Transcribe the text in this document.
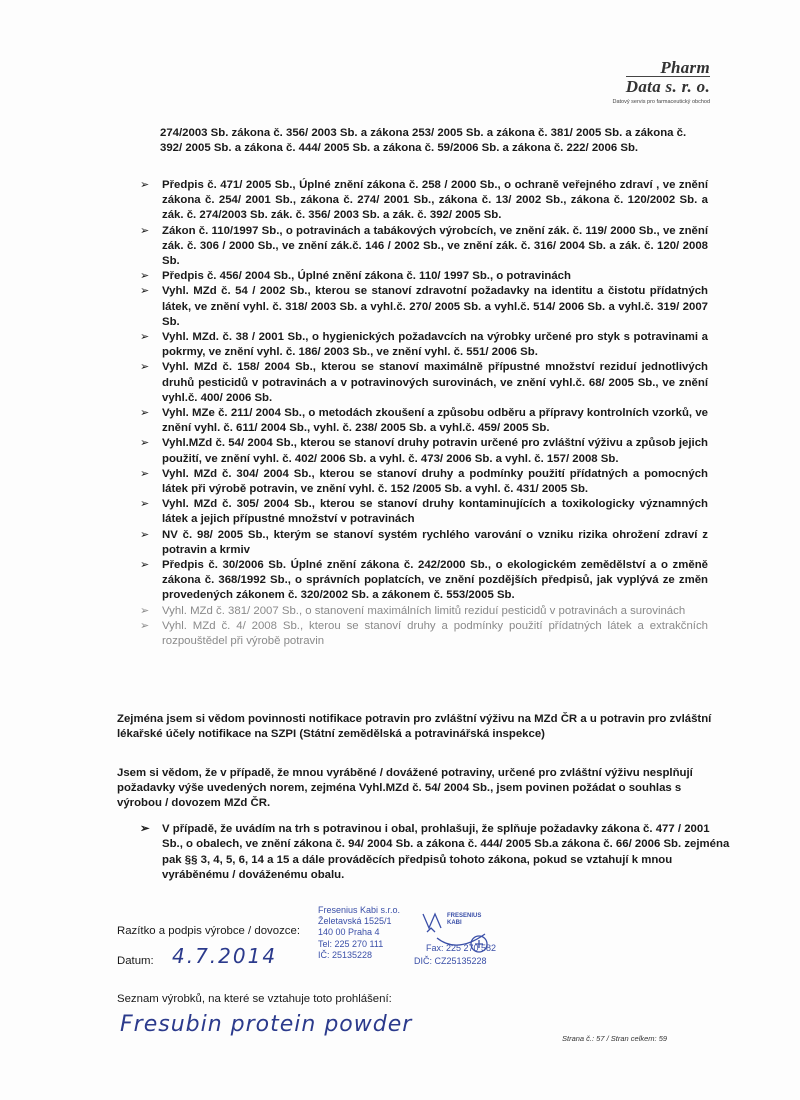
Pharm
Data s. r. o.
Datový servis pro farmaceutický obchod
274/2003 Sb. zákona č. 356/ 2003 Sb. a zákona 253/ 2005 Sb. a zákona č. 381/ 2005 Sb. a zákona č. 392/ 2005 Sb. a zákona č. 444/ 2005 Sb. a zákona č. 59/2006 Sb. a zákona č. 222/ 2006 Sb.
➢ Předpis č. 471/ 2005 Sb., Úplné znění zákona č. 258 / 2000 Sb., o ochraně veřejného zdraví , ve znění zákona č. 254/ 2001 Sb., zákona č. 274/ 2001 Sb., zákona č. 13/ 2002 Sb., zákona č. 120/2002 Sb. a zák. č. 274/2003 Sb. zák. č. 356/ 2003 Sb. a zák. č. 392/ 2005 Sb.
➢ Zákon č. 110/1997 Sb., o potravinách a tabákových výrobcích, ve znění zák. č. 119/ 2000 Sb., ve znění zák. č. 306 / 2000 Sb., ve znění zák.č. 146 / 2002 Sb., ve znění zák. č. 316/ 2004 Sb. a zák. č. 120/ 2008 Sb.
➢ Předpis č. 456/ 2004 Sb., Úplné znění zákona č. 110/ 1997 Sb., o potravinách
➢ Vyhl. MZd č. 54 / 2002 Sb., kterou se stanoví zdravotní požadavky na identitu a čistotu přídatných látek, ve znění vyhl. č. 318/ 2003 Sb. a vyhl.č. 270/ 2005 Sb. a vyhl.č. 514/ 2006 Sb. a vyhl.č. 319/ 2007 Sb.
➢ Vyhl. MZd. č. 38 / 2001 Sb., o hygienických požadavcích na výrobky určené pro styk s potravinami a pokrmy, ve znění vyhl. č. 186/ 2003 Sb., ve znění vyhl. č. 551/ 2006 Sb.
➢ Vyhl. MZd č. 158/ 2004 Sb., kterou se stanoví maximálně přípustné množství reziduí jednotlivých druhů pesticidů v potravinách a v potravinových surovinách, ve znění vyhl.č. 68/ 2005 Sb., ve znění vyhl.č. 400/ 2006 Sb.
➢ Vyhl. MZe č. 211/ 2004 Sb., o metodách zkoušení a způsobu odběru a přípravy kontrolních vzorků, ve znění vyhl. č. 611/ 2004 Sb., vyhl. č. 238/ 2005 Sb. a vyhl.č. 459/ 2005 Sb.
➢ Vyhl.MZd č. 54/ 2004 Sb., kterou se stanoví druhy potravin určené pro zvláštní výživu a způsob jejich použití, ve znění vyhl. č. 402/ 2006 Sb. a vyhl. č. 473/ 2006 Sb. a vyhl. č. 157/ 2008 Sb.
➢ Vyhl. MZd č. 304/ 2004 Sb., kterou se stanoví druhy a podmínky použití přídatných a pomocných látek při výrobě potravin, ve znění vyhl. č. 152 /2005 Sb. a vyhl. č. 431/ 2005 Sb.
➢ Vyhl. MZd č. 305/ 2004 Sb., kterou se stanoví druhy kontaminujících a toxikologicky významných látek a jejich přípustné množství v potravinách
➢ NV č. 98/ 2005 Sb., kterým se stanoví systém rychlého varování o vzniku rizika ohrožení zdraví z potravin a krmiv
➢ Předpis č. 30/2006 Sb. Úplné znění zákona č. 242/2000 Sb., o ekologickém zemědělství a o změně zákona č. 368/1992 Sb., o správních poplatcích, ve znění pozdějších předpisů, jak vyplývá ze změn provedených zákonem č. 320/2002 Sb. a zákonem č. 553/2005 Sb.
➢ Vyhl. MZd č. 381/ 2007 Sb., o stanovení maximálních limitů reziduí pesticidů v potravinách a surovinách
➢ Vyhl. MZd č. 4/ 2008 Sb., kterou se stanoví druhy a podmínky použití přídatných látek a extrakčních rozpouštědel při výrobě potravin
Zejména jsem si vědom povinnosti notifikace potravin pro zvláštní výživu na MZd ČR a u potravin pro zvláštní lékařské účely notifikace na SZPI (Státní zemědělská a potravinářská inspekce)
Jsem si vědom, že v případě, že mnou vyráběné / dovážené potraviny, určené pro zvláštní výživu nesplňují požadavky výše uvedených norem, zejména Vyhl.MZd č. 54/ 2004 Sb., jsem povinen požádat o souhlas s výrobou / dovozem MZd ČR.
➢ V případě, že uvádím na trh s potravinou i obal, prohlašuji, že splňuje požadavky zákona č. 477 / 2001 Sb., o obalech, ve znění zákona č. 94/ 2004 Sb. a zákona č. 444/ 2005 Sb.a zákona č. 66/ 2006 Sb. zejména pak §§ 3, 4, 5, 6, 14 a 15 a dále prováděcích předpisů tohoto zákona, pokud se vztahují k mnou vyráběnému / dováženému obalu.
Razítko a podpis výrobce / dovozce:
Fresenius Kabi s.r.o.
Želetavská 1525/1
140 00 Praha 4
Tel: 225 270 111
IČ: 25135228
Fax: 225 270 582
DIČ: CZ25135228
FRESENIUS
KABI
Datum: 4.7.2014
Seznam výrobků, na které se vztahuje toto prohlášení:
Fresubin protein powder
Strana č.: 57 / Stran celkem: 59
